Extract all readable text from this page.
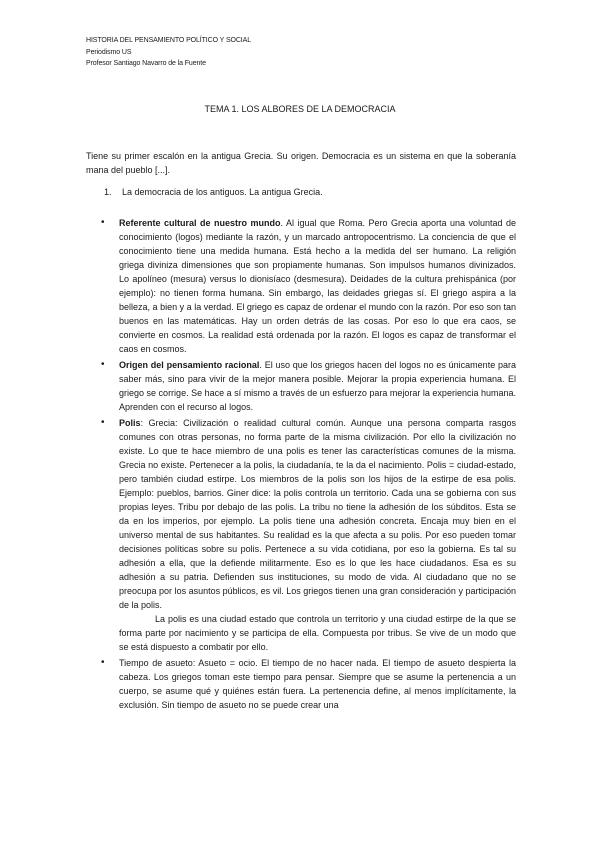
HISTORIA DEL PENSAMIENTO POLÍTICO Y SOCIAL
Periodismo US
Profesor Santiago Navarro de la Fuente
TEMA 1. LOS ALBORES DE LA DEMOCRACIA

Tiene su primer escalón en la antigua Grecia. Su origen. Democracia es un sistema en que la soberanía mana del pueblo [...].

1. La democracia de los antiguos. La antigua Grecia.
• Referente cultural de nuestro mundo. Al igual que Roma. Pero Grecia aporta una voluntad de conocimiento (logos) mediante la razón, y un marcado antropocentrismo. La conciencia de que el conocimiento tiene una medida humana. Está hecho a la medida del ser humano. La religión griega diviniza dimensiones que son propiamente humanas. Son impulsos humanos divinizados. Lo apolíneo (mesura) versus lo dionisíaco (desmesura). Deidades de la cultura prehispánica (por ejemplo): no tienen forma humana. Sin embargo, las deidades griegas sí. El griego aspira a la belleza, a bien y a la verdad. El griego es capaz de ordenar el mundo con la razón. Por eso son tan buenos en las matemáticas. Hay un orden detrás de las cosas. Por eso lo que era caos, se convierte en cosmos. La realidad está ordenada por la razón. El logos es capaz de transformar el caos en cosmos.
• Origen del pensamiento racional. El uso que los griegos hacen del logos no es únicamente para saber más, sino para vivir de la mejor manera posible. Mejorar la propia experiencia humana. El griego se corrige. Se hace a sí mismo a través de un esfuerzo para mejorar la experiencia humana. Aprenden con el recurso al logos.
• Polis: Grecia: Civilización o realidad cultural común. Aunque una persona comparta rasgos comunes con otras personas, no forma parte de la misma civilización. Por ello la civilización no existe. Lo que te hace miembro de una polis es tener las características comunes de la misma. Grecia no existe. Pertenecer a la polis, la ciudadanía, te la da el nacimiento. Polis = ciudad-estado, pero también ciudad estirpe. Los miembros de la polis son los hijos de la estirpe de esa polis. Ejemplo: pueblos, barrios. Giner dice: la polis controla un territorio. Cada una se gobierna con sus propias leyes. Tribu por debajo de las polis. La tribu no tiene la adhesión de los súbditos. Esta se da en los imperios, por ejemplo. La polis tiene una adhesión concreta. Encaja muy bien en el universo mental de sus habitantes. Su realidad es la que afecta a su polis. Por eso pueden tomar decisiones políticas sobre su polis. Pertenece a su vida cotidiana, por eso la gobierna. Es tal su adhesión a ella, que la defiende militarmente. Eso es lo que les hace ciudadanos. Esa es su adhesión a su patria. Defienden sus instituciones, su modo de vida. Al ciudadano que no se preocupa por los asuntos públicos, es vil. Los griegos tienen una gran consideración y participación de la polis.
La polis es una ciudad estado que controla un territorio y una ciudad estirpe de la que se forma parte por nacimiento y se participa de ella. Compuesta por tribus. Se vive de un modo que se está dispuesto a combatir por ello.
• Tiempo de asueto: Asueto = ocio. El tiempo de no hacer nada. El tiempo de asueto despierta la cabeza. Los griegos toman este tiempo para pensar. Siempre que se asume la pertenencia a un cuerpo, se asume qué y quiénes están fuera. La pertenencia define, al menos implícitamente, la exclusión. Sin tiempo de asueto no se puede crear una
